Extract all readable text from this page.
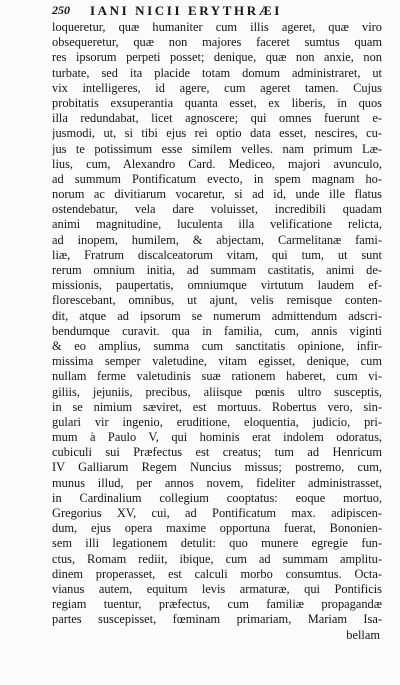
250 IANI NICII ERYTHRÆI
loqueretur, quæ humaniter cum illis ageret, quæ viro
obsequeretur, quæ non majores faceret sumtus quam
res ipsorum perpeti posset; denique, quæ non anxie, non
turbate, sed ita placide totam domum administraret, ut
vix intelligeres, id agere, cum ageret tamen. Cujus
probitatis exsuperantia quanta esset, ex liberis, in quos
illa redundabat, licet agnoscere; qui omnes fuerunt e-
jusmodi, ut, si tibi ejus rei optio data esset, nescires, cu-
jus te potissimum esse similem velles. nam primum Læ-
lius, cum, Alexandro Card. Mediceo, majori avunculo,
ad summum Pontificatum evecto, in spem magnam ho-
norum ac divitiarum vocaretur, si ad id, unde ille flatus
ostendebatur, vela dare voluisset, incredibili quadam
animi magnitudine, luculenta illa velificatione relicta,
ad inopem, humilem, & abjectam, Carmelitanæ fami-
liæ, Fratrum discalceatorum vitam, qui tum, ut sunt
rerum omnium initia, ad summam castitatis, animi de-
missionis, paupertatis, omniumque virtutum laudem ef-
florescebant, omnibus, ut ajunt, velis remisque conten-
dit, atque ad ipsorum se numerum admittendum adscri-
bendumque curavit. qua in familia, cum, annis viginti
& eo amplius, summa cum sanctitatis opinione, infir-
missima semper valetudine, vitam egisset, denique, cum
nullam ferme valetudinis suæ rationem haberet, cum vi-
giliis, jejuniis, precibus, aliisque pœnis ultro susceptis,
in se nimium sæviret, est mortuus. Robertus vero, sin-
gulari vir ingenio, eruditione, eloquentia, judicio, pri-
mum à Paulo V, qui hominis erat indolem odoratus,
cubiculi sui Præfectus est creatus; tum ad Henricum
IV Galliarum Regem Nuncius missus; postremo, cum,
munus illud, per annos novem, fideliter administrasset,
in Cardinalium collegium cooptatus: eoque mortuo,
Gregorius XV, cui, ad Pontificatum max. adipiscen-
dum, ejus opera maxime opportuna fuerat, Bononien-
sem illi legationem detulit: quo munere egregie fun-
ctus, Romam rediit, ibique, cum ad summam amplitu-
dinem properasset, est calculi morbo consumtus. Octa-
vianus autem, equitum levis armaturæ, qui Pontificis
regiam tuentur, præfectus, cum familiæ propagandæ
partes suscepisset, fœminam primariam, Mariam Isa-
bellam
